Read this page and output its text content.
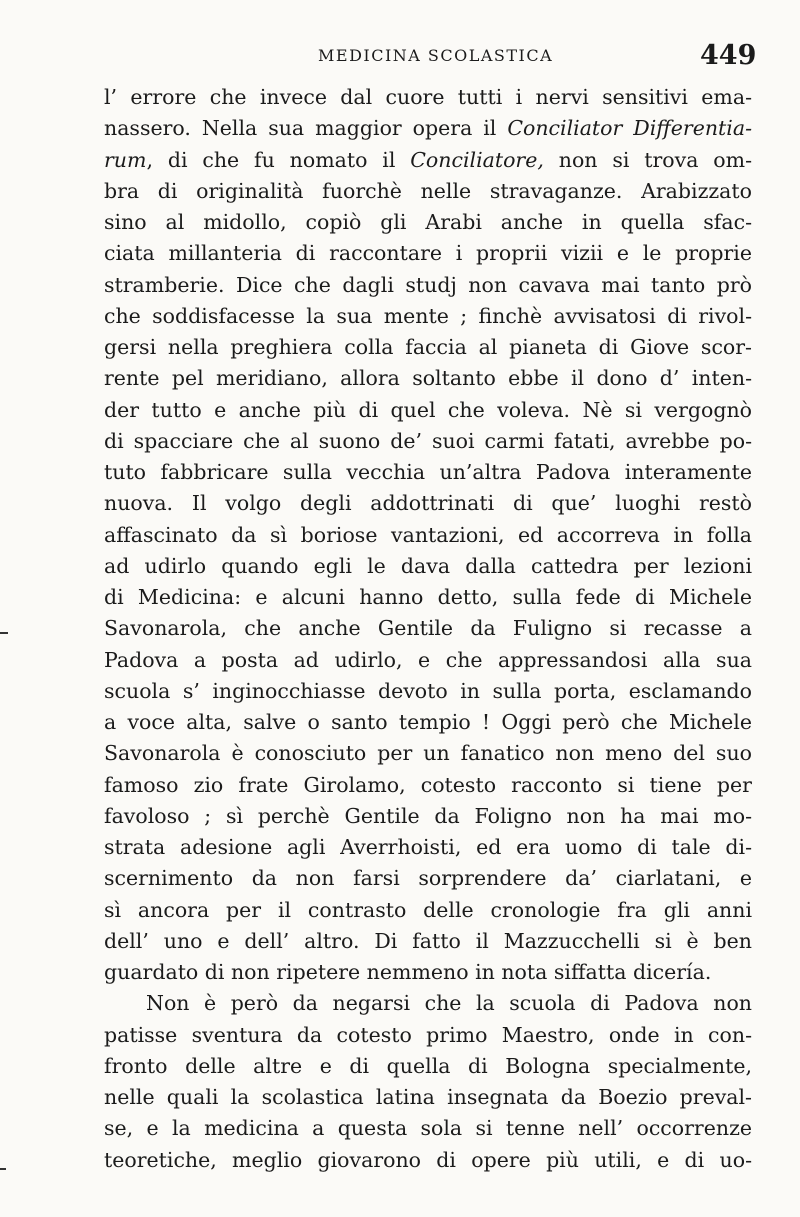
MEDICINA SCOLASTICA	449
l’ errore che invece dal cuore tutti i nervi sensitivi ema-
nassero. Nella sua maggior opera il Conciliator Differentia-
rum, di che fu nomato il Conciliatore, non si trova om-
bra di originalità fuorchè nelle stravaganze. Arabizzato
sino al midollo, copiò gli Arabi anche in quella sfac-
ciata millanteria di raccontare i proprii vizii e le proprie
stramberie. Dice che dagli studj non cavava mai tanto prò
che soddisfacesse la sua mente ; finchè avvisatosi di rivol-
gersi nella preghiera colla faccia al pianeta di Giove scor-
rente pel meridiano, allora soltanto ebbe il dono d’ inten-
der tutto e anche più di quel che voleva. Nè si vergognò
di spacciare che al suono de’ suoi carmi fatati, avrebbe po-
tuto fabbricare sulla vecchia un’altra Padova interamente
nuova. Il volgo degli addottrinati di que’ luoghi restò
affascinato da sì boriose vantazioni, ed accorreva in folla
ad udirlo quando egli le dava dalla cattedra per lezioni
di Medicina: e alcuni hanno detto, sulla fede di Michele
Savonarola, che anche Gentile da Fuligno si recasse a
Padova a posta ad udirlo, e che appressandosi alla sua
scuola s’ inginocchiasse devoto in sulla porta, esclamando
a voce alta, salve o santo tempio ! Oggi però che Michele
Savonarola è conosciuto per un fanatico non meno del suo
famoso zio frate Girolamo, cotesto racconto si tiene per
favoloso ; sì perchè Gentile da Foligno non ha mai mo-
strata adesione agli Averrhoisti, ed era uomo di tale di-
scernimento da non farsi sorprendere da’ ciarlatani, e
sì ancora per il contrasto delle cronologie fra gli anni
dell’ uno e dell’ altro. Di fatto il Mazzucchelli si è ben
guardato di non ripetere nemmeno in nota siffatta dicería.
Non è però da negarsi che la scuola di Padova non
patisse sventura da cotesto primo Maestro, onde in con-
fronto delle altre e di quella di Bologna specialmente,
nelle quali la scolastica latina insegnata da Boezio preval-
se, e la medicina a questa sola si tenne nell’ occorrenze
teoretiche, meglio giovarono di opere più utili, e di uo-
